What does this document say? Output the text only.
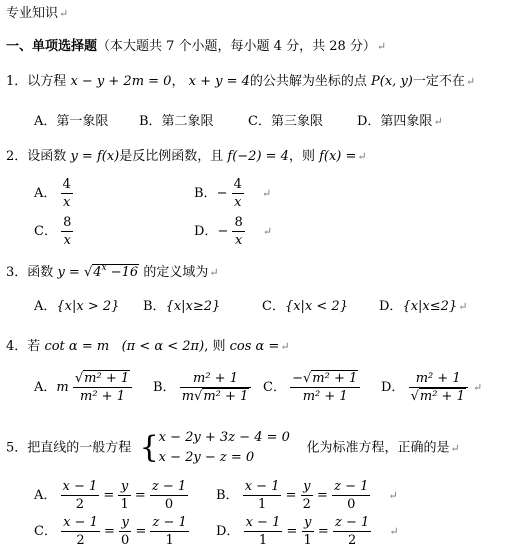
专业知识↵
一、单项选择题（本大题共 7 个小题，每小题 4 分，共 28 分）↵
1．以方程 x − y + 2m = 0， x + y = 4的公共解为坐标的点 P(x, y)一定不在↵
A．第一象限 B．第二象限	C．第三象限	D．第四象限↵
2．设函数 y = f(x)是反比例函数，且 f(−2) = 4，则 f(x) =↵
A． $\frac{4}{x}$	B．− $\frac{4}{x}$ ↵
C． $\frac{8}{x}$	D．− $\frac{8}{x}$ ↵
3．函数 $y = √4^x -16$ 的定义域为↵
A．{x|x > 2} B．{x|x≥2}	C．{x|x < 2} D．{x|x≤2}↵
4．若 cot α = m (π < α < 2π), 则 cos α =↵
A．m $\frac{\text{√m² + 1}}{\text{m² + 1}}$ B． $\frac{\text{m² + 1}}{\text{m√m² + 1}}$ C． $\frac{\text{−√m² + 1}}{\text{m² + 1}}$ D． $\frac{\text{m² + 1}}{\text{√m² + 1}}$ ↵
5．把直线的一般方程 {x − 2y + 3z − 4 = 0
x − 2y − z = 0    化为标准方程，正确的是↵
A． $\frac{x - 1}{2} = \frac{y}{1} = \frac{z - 1}{0}$ B． $\frac{x - 1}{1} = \frac{y}{2} = \frac{z - 1}{0}$ ↵
C． $\frac{x - 1}{2} = \frac{y}{0} = \frac{z - 1}{1}$ D． $\frac{x - 1}{1} = \frac{y}{1} = \frac{z - 1}{2}$ ↵
